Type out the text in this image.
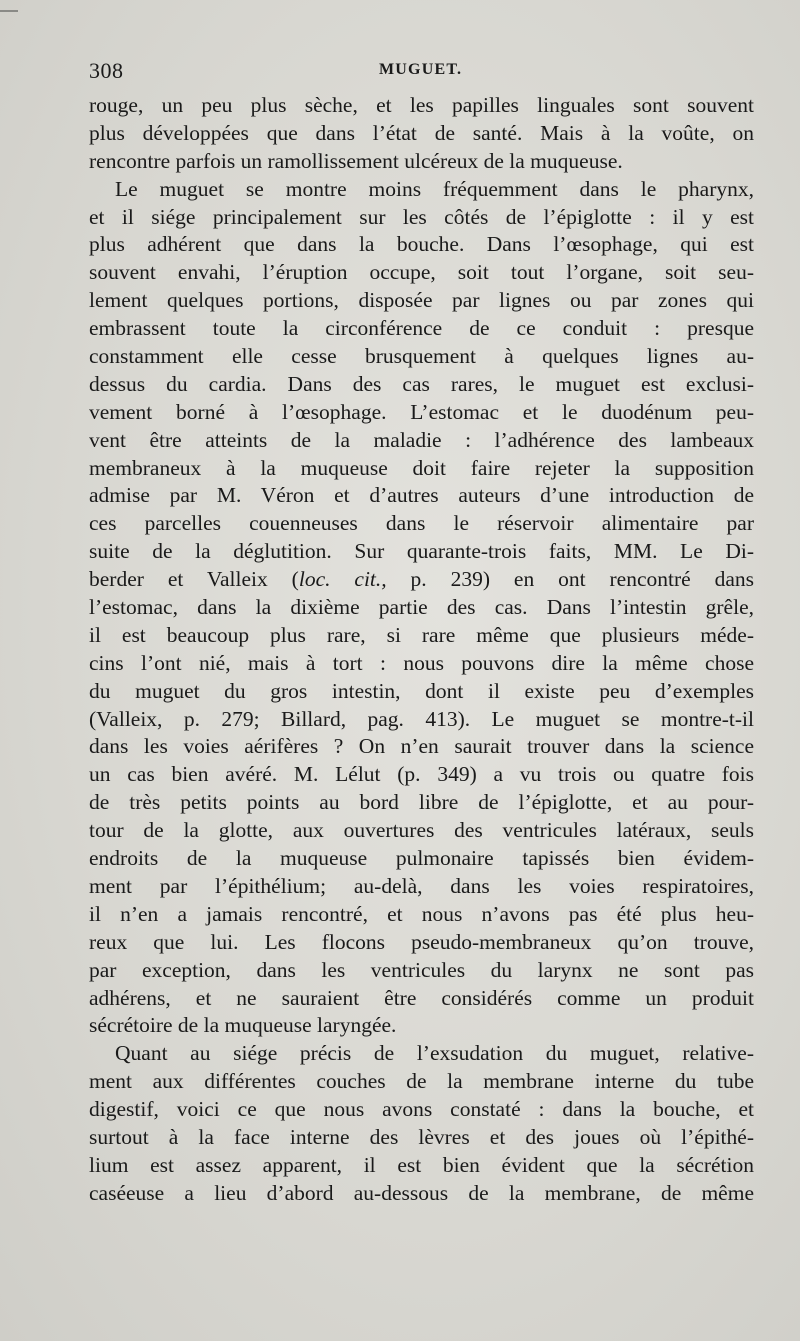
308	MUGUET.
rouge, un peu plus sèche, et les papilles linguales sont souvent
plus développées que dans l’état de santé. Mais à la voûte, on
rencontre parfois un ramollissement ulcéreux de la muqueuse.
Le muguet se montre moins fréquemment dans le pharynx,
et il siége principalement sur les côtés de l’épiglotte : il y est
plus adhérent que dans la bouche. Dans l’œsophage, qui est
souvent envahi, l’éruption occupe, soit tout l’organe, soit seu-
lement quelques portions, disposée par lignes ou par zones qui
embrassent toute la circonférence de ce conduit : presque
constamment elle cesse brusquement à quelques lignes au-
dessus du cardia. Dans des cas rares, le muguet est exclusi-
vement borné à l’œsophage. L’estomac et le duodénum peu-
vent être atteints de la maladie : l’adhérence des lambeaux
membraneux à la muqueuse doit faire rejeter la supposition
admise par M. Véron et d’autres auteurs d’une introduction de
ces parcelles couenneuses dans le réservoir alimentaire par
suite de la déglutition. Sur quarante-trois faits, MM. Le Di-
berder et Valleix (loc. cit., p. 239) en ont rencontré dans
l’estomac, dans la dixième partie des cas. Dans l’intestin grêle,
il est beaucoup plus rare, si rare même que plusieurs méde-
cins l’ont nié, mais à tort : nous pouvons dire la même chose
du muguet du gros intestin, dont il existe peu d’exemples
(Valleix, p. 279; Billard, pag. 413). Le muguet se montre-t-il
dans les voies aérifères ? On n’en saurait trouver dans la science
un cas bien avéré. M. Lélut (p. 349) a vu trois ou quatre fois
de très petits points au bord libre de l’épiglotte, et au pour-
tour de la glotte, aux ouvertures des ventricules latéraux, seuls
endroits de la muqueuse pulmonaire tapissés bien évidem-
ment par l’épithélium; au-delà, dans les voies respiratoires,
il n’en a jamais rencontré, et nous n’avons pas été plus heu-
reux que lui. Les flocons pseudo-membraneux qu’on trouve,
par exception, dans les ventricules du larynx ne sont pas
adhérens, et ne sauraient être considérés comme un produit
sécrétoire de la muqueuse laryngée.
Quant au siége précis de l’exsudation du muguet, relative-
ment aux différentes couches de la membrane interne du tube
digestif, voici ce que nous avons constaté : dans la bouche, et
surtout à la face interne des lèvres et des joues où l’épithé-
lium est assez apparent, il est bien évident que la sécrétion
caséeuse a lieu d’abord au-dessous de la membrane, de même
